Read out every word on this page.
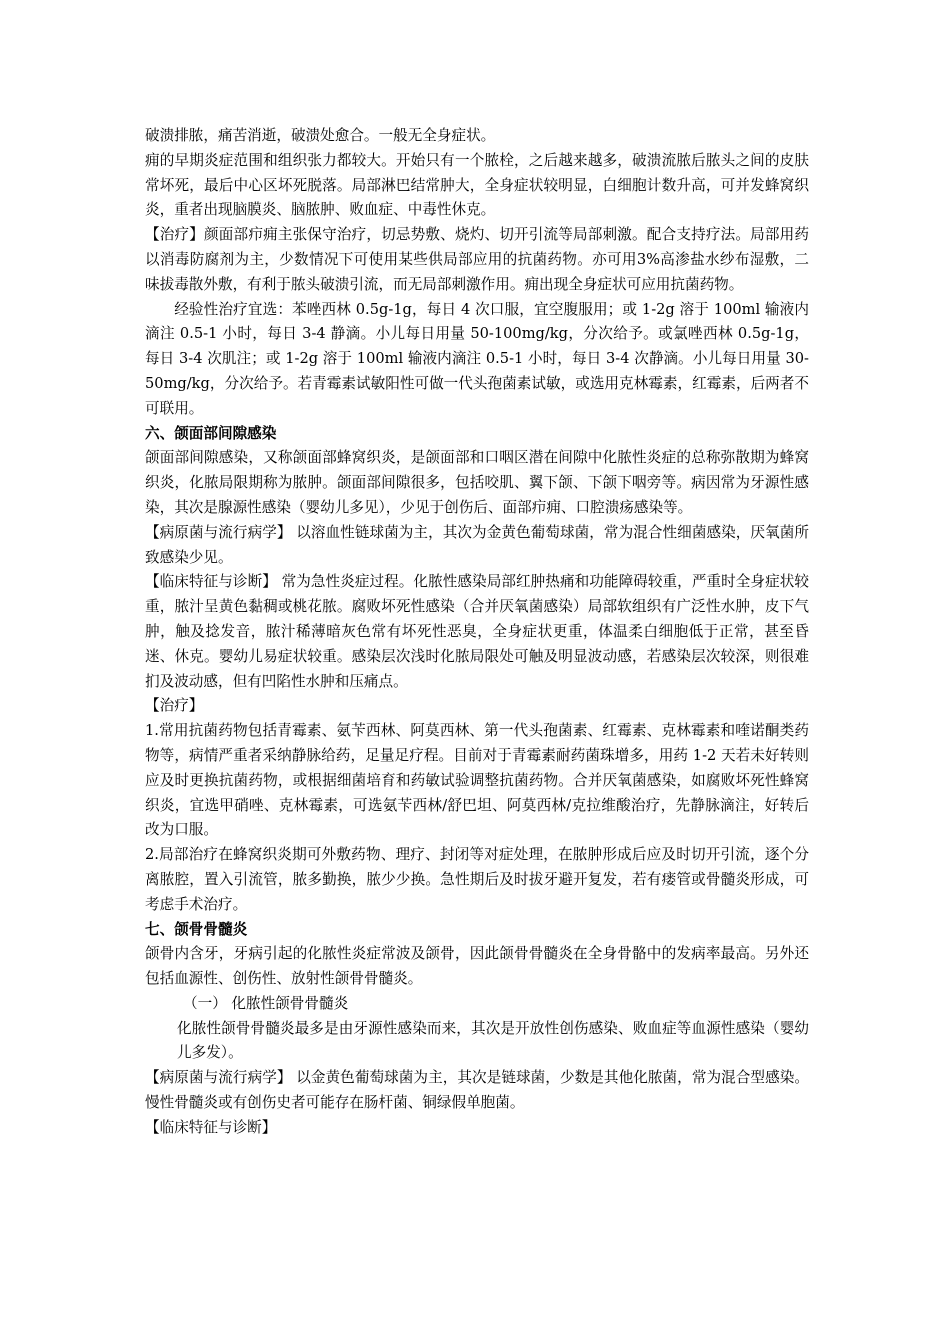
破溃排脓，痛苦消逝，破溃处愈合。一般无全身症状。

痈的早期炎症范围和组织张力都较大。开始只有一个脓栓，之后越来越多，破溃流脓后脓头之间的皮肤常坏死，最后中心区坏死脱落。局部淋巴结常肿大，全身症状较明显，白细胞计数升高，可并发蜂窝织炎，重者出现脑膜炎、脑脓肿、败血症、中毒性休克。

【治疗】颜面部疖痈主张保守治疗，切忌势敷、烧灼、切开引流等局部刺激。配合支持疗法。局部用药以消毒防腐剂为主，少数情况下可使用某些供局部应用的抗菌药物。亦可用3%高渗盐水纱布湿敷，二味拔毒散外敷，有利于脓头破溃引流，而无局部刺激作用。痈出现全身症状可应用抗菌药物。

经验性治疗宜选：苯唑西林 0.5g-1g，每日 4 次口服，宜空腹服用；或 1-2g 溶于 100ml 输液内滴注 0.5-1 小时，每日 3-4 静滴。小儿每日用量 50-100mg/kg，分次给予。或氯唑西林 0.5g-1g，每日 3-4 次肌注；或 1-2g 溶于 100ml 输液内滴注 0.5-1 小时，每日 3-4 次静滴。小儿每日用量 30-50mg/kg，分次给予。若青霉素试敏阳性可做一代头孢菌素试敏，或选用克林霉素，红霉素，后两者不可联用。

六、颌面部间隙感染

颌面部间隙感染，又称颌面部蜂窝织炎，是颌面部和口咽区潜在间隙中化脓性炎症的总称弥散期为蜂窝织炎，化脓局限期称为脓肿。颌面部间隙很多，包括咬肌、翼下颌、下颌下咽旁等。病因常为牙源性感染，其次是腺源性感染（婴幼儿多见），少见于创伤后、面部疖痈、口腔溃疡感染等。

【病原菌与流行病学】 以溶血性链球菌为主，其次为金黄色葡萄球菌，常为混合性细菌感染，厌氧菌所致感染少见。

【临床特征与诊断】 常为急性炎症过程。化脓性感染局部红肿热痛和功能障碍较重，严重时全身症状较重，脓汁呈黄色黏稠或桃花脓。腐败坏死性感染（合并厌氧菌感染）局部软组织有广泛性水肿，皮下气肿，触及捻发音，脓汁稀薄暗灰色常有坏死性恶臭，全身症状更重，体温柔白细胞低于正常，甚至昏迷、休克。婴幼儿易症状较重。感染层次浅时化脓局限处可触及明显波动感，若感染层次较深，则很难扪及波动感，但有凹陷性水肿和压痛点。

【治疗】

1.常用抗菌药物包括青霉素、氨苄西林、阿莫西林、第一代头孢菌素、红霉素、克林霉素和喹诺酮类药物等，病情严重者采纳静脉给药，足量足疗程。目前对于青霉素耐药菌珠增多，用药 1-2 天若未好转则应及时更换抗菌药物，或根据细菌培育和药敏试验调整抗菌药物。合并厌氧菌感染，如腐败坏死性蜂窝织炎，宜选甲硝唑、克林霉素，可选氨苄西林/舒巴坦、阿莫西林/克拉维酸治疗，先静脉滴注，好转后改为口服。

2.局部治疗在蜂窝织炎期可外敷药物、理疗、封闭等对症处理，在脓肿形成后应及时切开引流，逐个分离脓腔，置入引流管，脓多勤换，脓少少换。急性期后及时拔牙避开复发，若有瘘管或骨髓炎形成，可考虑手术治疗。

七、颌骨骨髓炎

颌骨内含牙，牙病引起的化脓性炎症常波及颌骨，因此颌骨骨髓炎在全身骨骼中的发病率最高。另外还包括血源性、创伤性、放射性颌骨骨髓炎。

（一） 化脓性颌骨骨髓炎

化脓性颌骨骨髓炎最多是由牙源性感染而来，其次是开放性创伤感染、败血症等血源性感染（婴幼儿多发）。

【病原菌与流行病学】 以金黄色葡萄球菌为主，其次是链球菌，少数是其他化脓菌，常为混合型感染。慢性骨髓炎或有创伤史者可能存在肠杆菌、铜绿假单胞菌。

【临床特征与诊断】
